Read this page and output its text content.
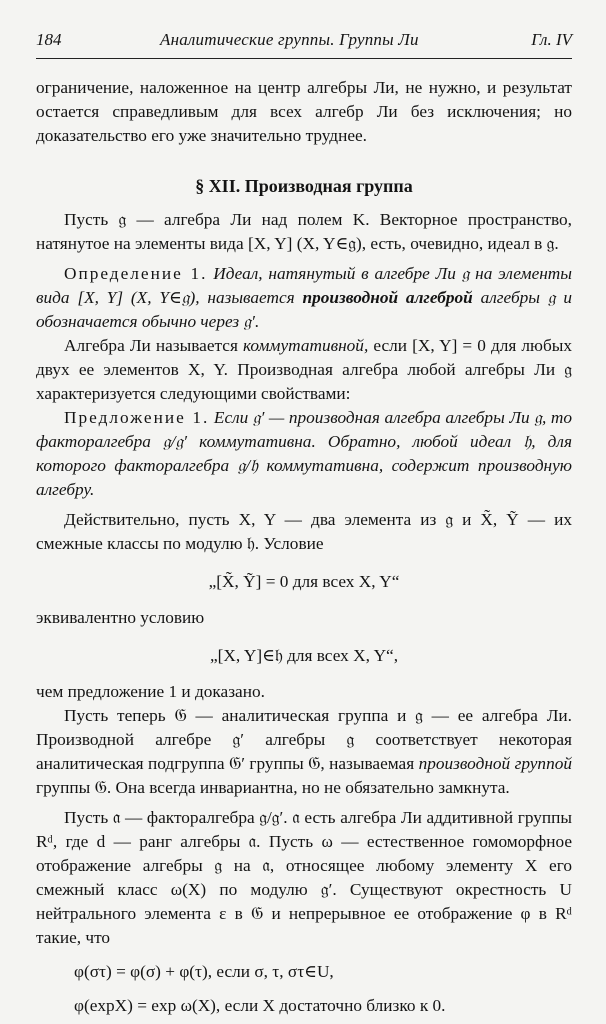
184	Аналитические группы. Группы Ли	Гл. IV

ограничение, наложенное на центр алгебры Ли, не нужно, и результат остается справедливым для всех алгебр Ли без исключения; но доказательство его уже значительно труднее.

§ XII. Производная группа

Пусть 𝔤 — алгебра Ли над полем K. Векторное пространство, натянутое на элементы вида [X, Y] (X, Y∈𝔤), есть, очевидно, идеал в 𝔤.

Определение 1. Идеал, натянутый в алгебре Ли 𝔤 на элементы вида [X, Y] (X, Y∈𝔤), называется производной алгеброй алгебры 𝔤 и обозначается обычно через 𝔤′.

Алгебра Ли называется коммутативной, если [X, Y] = 0 для любых двух ее элементов X, Y. Производная алгебра любой алгебры Ли 𝔤 характеризуется следующими свойствами:

Предложение 1. Если 𝔤′ — производная алгебра алгебры Ли 𝔤, то факторалгебра 𝔤/𝔤′ коммутативна. Обратно, любой идеал 𝔥, для которого факторалгебра 𝔤/𝔥 коммутативна, содержит производную алгебру.

Действительно, пусть X, Y — два элемента из 𝔤 и X̃, Ỹ — их смежные классы по модулю 𝔥. Условие

„[X̃, Ỹ] = 0 для всех X, Y“

эквивалентно условию

„[X, Y]∈𝔥 для всех X, Y“,

чем предложение 1 и доказано.

Пусть теперь 𝔊 — аналитическая группа и 𝔤 — ее алгебра Ли. Производной алгебре 𝔤′ алгебры 𝔤 соответствует некоторая аналитическая подгруппа 𝔊′ группы 𝔊, называемая производной группой группы 𝔊. Она всегда инвариантна, но не обязательно замкнута.

Пусть 𝔞 — факторалгебра 𝔤/𝔤′. 𝔞 есть алгебра Ли аддитивной группы Rᵈ, где d — ранг алгебры 𝔞. Пусть ω — естественное гомоморфное отображение алгебры 𝔤 на 𝔞, относящее любому элементу X его смежный класс ω(X) по модулю 𝔤′. Существуют окрестность U нейтрального элемента ε в 𝔊 и непрерывное ее отображение φ в Rᵈ такие, что

φ(στ) = φ(σ) + φ(τ), если σ, τ, στ∈U,
φ(expX) = exp ω(X), если X достаточно близко к 0.
